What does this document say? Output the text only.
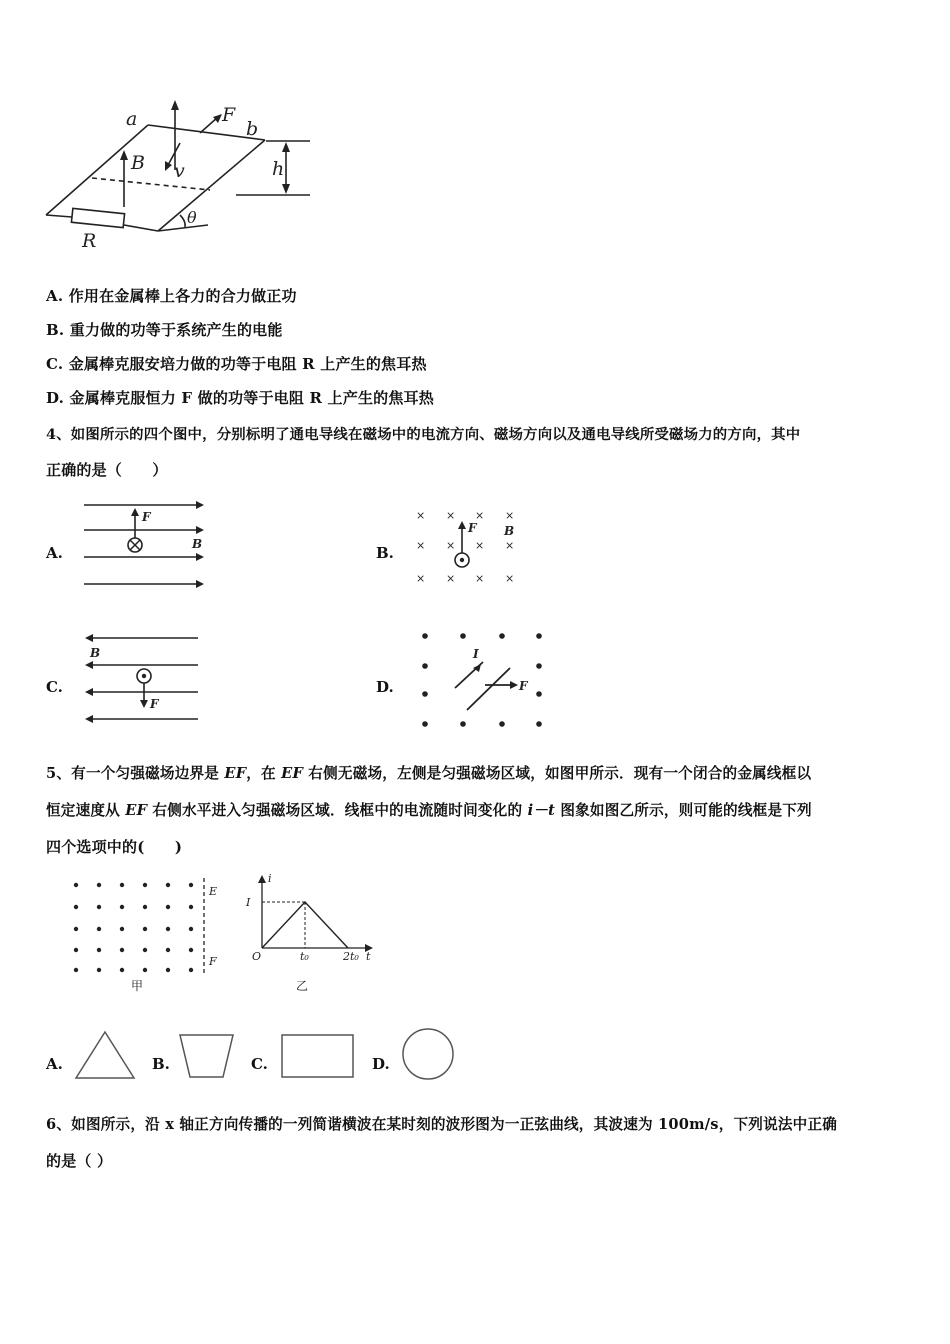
a	b
F
B v	h
θ
R
A. 作用在金属棒上各力的合力做正功
B. 重力做的功等于系统产生的电能
C. 金属棒克服安培力做的功等于电阻 R 上产生的焦耳热
D. 金属棒克服恒力 F 做的功等于电阻 R 上产生的焦耳热
4、如图所示的四个图中，分别标明了通电导线在磁场中的电流方向、磁场方向以及通电导线所受磁场力的方向，其中
正确的是（　　）
A.
F
B	B.
× × × ×
× × × ×
× × × ×
F B
C.
B
F
D.
I
F
5、有一个匀强磁场边界是 EF，在 EF 右侧无磁场，左侧是匀强磁场区域，如图甲所示．现有一个闭合的金属线框以
恒定速度从 EF 右侧水平进入匀强磁场区域．线框中的电流随时间变化的 i－t 图象如图乙所示，则可能的线框是下列
四个选项中的(　　)
E
F
甲
i
I
O	t₀	2t₀ t
乙
A.	B.	C.	D.
6、如图所示，沿 x 轴正方向传播的一列简谐横波在某时刻的波形图为一正弦曲线，其波速为 100m/s，下列说法中正确
的是（ ）
